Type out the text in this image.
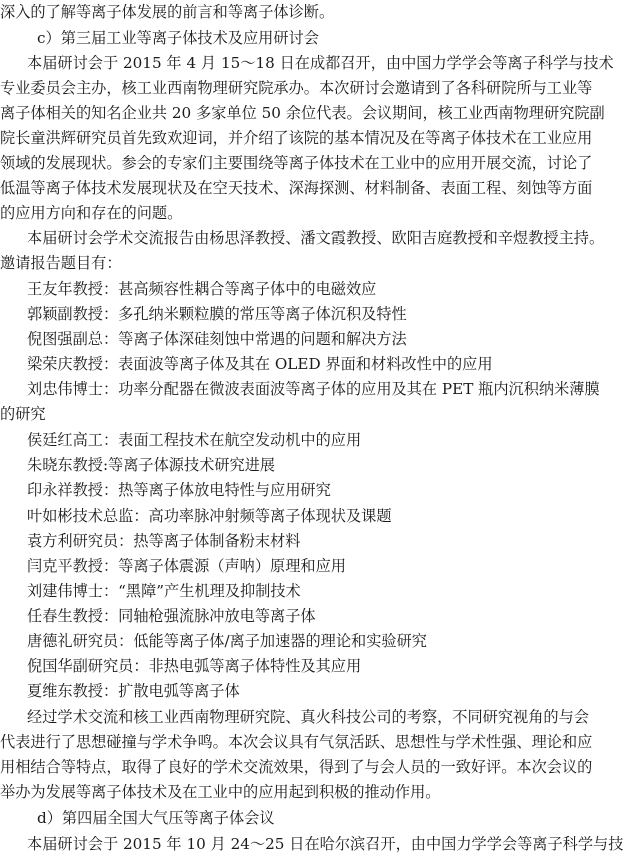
深入的了解等离子体发展的前言和等离子体诊断。
c）第三届工业等离子体技术及应用研讨会
本届研讨会于 2015 年 4 月 15～18 日在成都召开，由中国力学学会等离子科学与技术
专业委员会主办，核工业西南物理研究院承办。本次研讨会邀请到了各科研院所与工业等
离子体相关的知名企业共 20 多家单位 50 余位代表。会议期间，核工业西南物理研究院副
院长童洪辉研究员首先致欢迎词，并介绍了该院的基本情况及在等离子体技术在工业应用
领域的发展现状。参会的专家们主要围绕等离子体技术在工业中的应用开展交流，讨论了
低温等离子体技术发展现状及在空天技术、深海探测、材料制备、表面工程、刻蚀等方面
的应用方向和存在的问题。
本届研讨会学术交流报告由杨思泽教授、潘文霞教授、欧阳吉庭教授和辛煜教授主持。
邀请报告题目有：
王友年教授：甚高频容性耦合等离子体中的电磁效应
郭颖副教授：多孔纳米颗粒膜的常压等离子体沉积及特性
倪图强副总：等离子体深硅刻蚀中常遇的问题和解决方法
梁荣庆教授：表面波等离子体及其在 OLED 界面和材料改性中的应用
刘忠伟博士：功率分配器在微波表面波等离子体的应用及其在 PET 瓶内沉积纳米薄膜
的研究
侯廷红高工：表面工程技术在航空发动机中的应用
朱晓东教授:等离子体源技术研究进展
印永祥教授：热等离子体放电特性与应用研究
叶如彬技术总监：高功率脉冲射频等离子体现状及课题
袁方利研究员：热等离子体制备粉末材料
闫克平教授：等离子体震源（声呐）原理和应用
刘建伟博士：“黑障”产生机理及抑制技术
任春生教授：同轴枪强流脉冲放电等离子体
唐德礼研究员：低能等离子体/离子加速器的理论和实验研究
倪国华副研究员：非热电弧等离子体特性及其应用
夏维东教授：扩散电弧等离子体
经过学术交流和核工业西南物理研究院、真火科技公司的考察，不同研究视角的与会
代表进行了思想碰撞与学术争鸣。本次会议具有气氛活跃、思想性与学术性强、理论和应
用相结合等特点，取得了良好的学术交流效果，得到了与会人员的一致好评。本次会议的
举办为发展等离子体技术及在工业中的应用起到积极的推动作用。
d）第四届全国大气压等离子体会议
本届研讨会于 2015 年 10 月 24～25 日在哈尔滨召开，由中国力学学会等离子科学与技
